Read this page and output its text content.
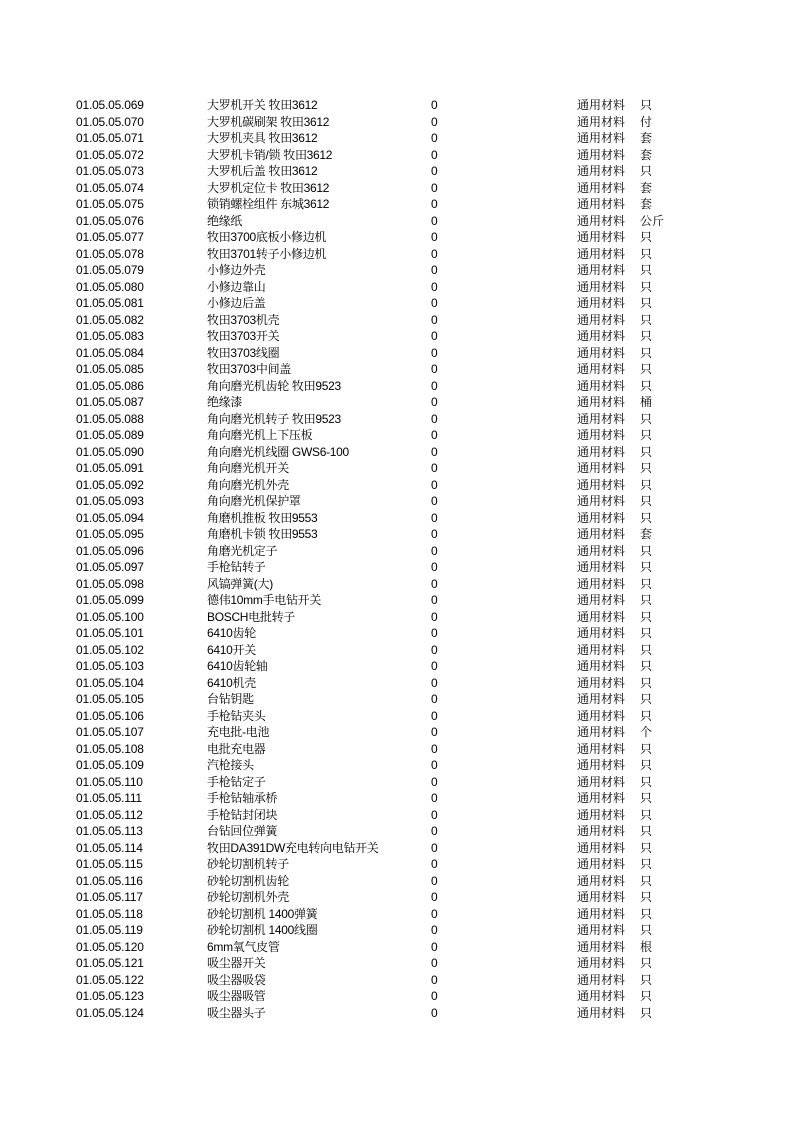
01.05.05.069	大罗机开关 牧田3612	0	通用材料 只
01.05.05.070	大罗机碳刷架 牧田3612	0	通用材料 付
01.05.05.071	大罗机夹具 牧田3612	0	通用材料 套
01.05.05.072	大罗机卡销/锁 牧田3612	0	通用材料 套
01.05.05.073	大罗机后盖 牧田3612	0	通用材料 只
01.05.05.074	大罗机定位卡 牧田3612	0	通用材料 套
01.05.05.075	锁销螺栓组件 东城3612	0	通用材料 套
01.05.05.076	绝缘纸	0	通用材料 公斤
01.05.05.077	牧田3700底板小修边机	0	通用材料 只
01.05.05.078	牧田3701转子小修边机	0	通用材料 只
01.05.05.079	小修边外壳	0	通用材料 只
01.05.05.080	小修边靠山	0	通用材料 只
01.05.05.081	小修边后盖	0	通用材料 只
01.05.05.082	牧田3703机壳	0	通用材料 只
01.05.05.083	牧田3703开关	0	通用材料 只
01.05.05.084	牧田3703线圈	0	通用材料 只
01.05.05.085	牧田3703中间盖	0	通用材料 只
01.05.05.086	角向磨光机齿轮 牧田9523	0	通用材料 只
01.05.05.087	绝缘漆	0	通用材料 桶
01.05.05.088	角向磨光机转子 牧田9523	0	通用材料 只
01.05.05.089	角向磨光机上下压板	0	通用材料 只
01.05.05.090	角向磨光机线圈 GWS6-100	0	通用材料 只
01.05.05.091	角向磨光机开关	0	通用材料 只
01.05.05.092	角向磨光机外壳	0	通用材料 只
01.05.05.093	角向磨光机保护罩	0	通用材料 只
01.05.05.094	角磨机推板 牧田9553	0	通用材料 只
01.05.05.095	角磨机卡锁 牧田9553	0	通用材料 套
01.05.05.096	角磨光机定子	0	通用材料 只
01.05.05.097	手枪钻转子	0	通用材料 只
01.05.05.098	风镐弹簧(大)	0	通用材料 只
01.05.05.099	德伟10mm手电钻开关	0	通用材料 只
01.05.05.100	BOSCH电批转子	0	通用材料 只
01.05.05.101	6410齿轮	0	通用材料 只
01.05.05.102	6410开关	0	通用材料 只
01.05.05.103	6410齿轮轴	0	通用材料 只
01.05.05.104	6410机壳	0	通用材料 只
01.05.05.105	台钻钥匙	0	通用材料 只
01.05.05.106	手枪钻夹头	0	通用材料 只
01.05.05.107	充电批-电池	0	通用材料 个
01.05.05.108	电批充电器	0	通用材料 只
01.05.05.109	汽枪接头	0	通用材料 只
01.05.05.110	手枪钻定子	0	通用材料 只
01.05.05.111	手枪钻轴承桥	0	通用材料 只
01.05.05.112	手枪钻封闭块	0	通用材料 只
01.05.05.113	台钻回位弹簧	0	通用材料 只
01.05.05.114	牧田DA391DW充电转向电钻开关	0	通用材料 只
01.05.05.115	砂轮切割机转子	0	通用材料 只
01.05.05.116	砂轮切割机齿轮	0	通用材料 只
01.05.05.117	砂轮切割机外壳	0	通用材料 只
01.05.05.118	砂轮切割机 1400弹簧	0	通用材料 只
01.05.05.119	砂轮切割机 1400线圈	0	通用材料 只
01.05.05.120	6mm氧气皮管	0	通用材料 根
01.05.05.121	吸尘器开关	0	通用材料 只
01.05.05.122	吸尘器吸袋	0	通用材料 只
01.05.05.123	吸尘器吸管	0	通用材料 只
01.05.05.124	吸尘器头子	0	通用材料 只
